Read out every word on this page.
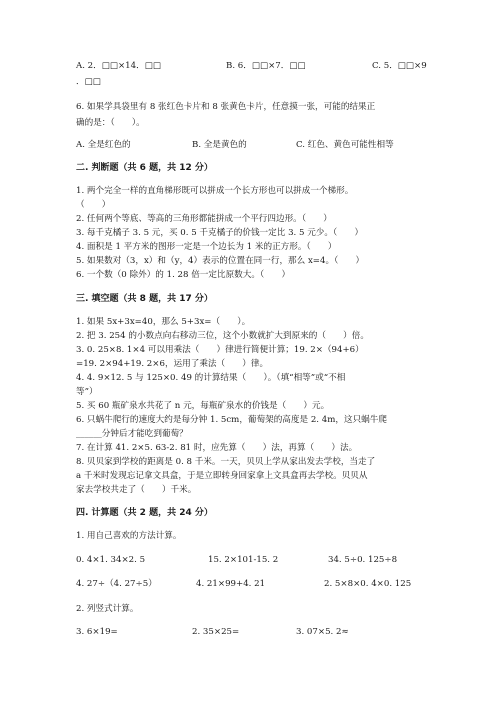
A. 2．□□×14．□□	B. 6．□□×7．□□	C. 5．□□×9
．□□
6. 如果学具袋里有 8 张红色卡片和 8 张黄色卡片，任意摸一张，可能的结果正
确的是：（　　）。
A. 全是红色的	B. 全是黄色的	C. 红色、黄色可能性相等
二. 判断题（共 6 题，共 12 分）
1. 两个完全一样的直角梯形既可以拼成一个长方形也可以拼成一个梯形。
（　　）
2. 任何两个等底、等高的三角形都能拼成一个平行四边形。（　　）
3. 每千克橘子 3. 5 元，买 0. 5 千克橘子的价钱一定比 3. 5 元少。（　　）
4. 面积是 1 平方米的图形一定是一个边长为 1 米的正方形。（　　）
5. 如果数对（3，x）和（y，4）表示的位置在同一行，那么 x=4。（　　）
6. 一个数（0 除外）的 1. 28 倍一定比原数大。（　　）
三. 填空题（共 8 题，共 17 分）
1. 如果 5x+3x=40，那么 5+3x=（　　）。
2. 把 3. 254 的小数点向右移动三位，这个小数就扩大到原来的（　　）倍。
3. 0. 25×8. 1×4 可以用乘法（　　）律进行简便计算；19. 2×（94+6）
=19. 2×94+19. 2×6，运用了乘法（　　）律。
4. 4. 9×12. 5 与 125×0. 49 的计算结果（　　）。（填“相等”或“不相
等”）
5. 买 60 瓶矿泉水共花了 n 元，每瓶矿泉水的价钱是（　　）元。
6. 只蜗牛爬行的速度大约是每分钟 1. 5cm，葡萄架的高度是 2. 4m，这只蜗牛爬
______分钟后才能吃到葡萄？
7. 在计算 41. 2×5. 63-2. 81 时，应先算（　　）法，再算（　　）法。
8. 贝贝家到学校的距离是 0. 8 千米。一天，贝贝上学从家出发去学校，当走了
a 千米时发现忘记拿文具盒，于是立即转身回家拿上文具盒再去学校。贝贝从
家去学校共走了（　　）千米。
四. 计算题（共 2 题，共 24 分）
1. 用自己喜欢的方法计算。
0. 4×1. 34×2. 5	15. 2×101-15. 2	34. 5÷0. 125÷8
4. 27÷（4. 27÷5）	4. 21×99+4. 21	2. 5×8×0. 4×0. 125
2. 列竖式计算。
3. 6×19=	2. 35×25=	3. 07×5. 2≈
